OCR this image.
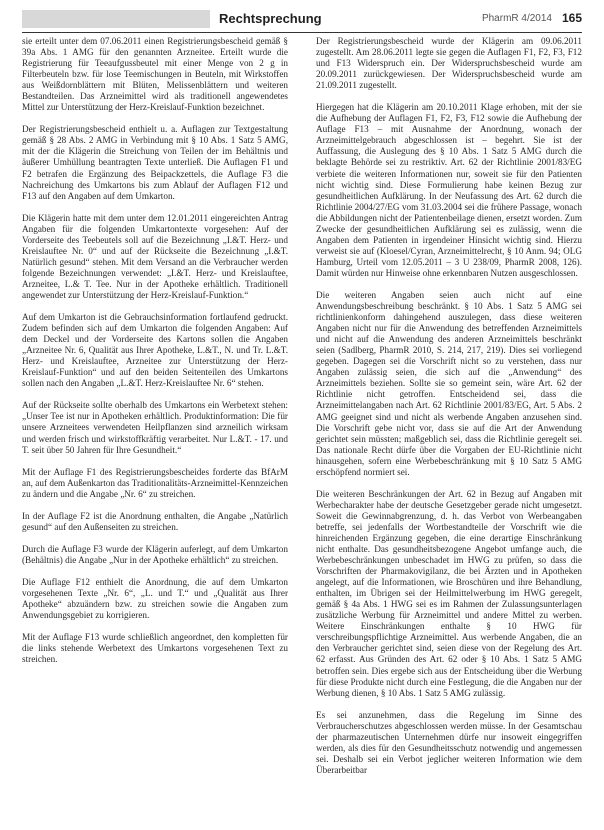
Rechtsprechung	PharmR 4/2014 165

sie erteilt unter dem 07.06.2011 einen Registrierungsbescheid gemäß § 39a Abs. 1 AMG für den genannten Arzneitee. Erteilt wurde die Registrierung für Teeaufgussbeutel mit einer Menge von 2 g in Filterbeuteln bzw. für lose Teemischungen in Beuteln, mit Wirkstoffen aus Weißdornblättern mit Blüten, Melissenblättern und weiteren Bestandteilen. Das Arzneimittel wird als traditionell angewendetes Mittel zur Unterstützung der Herz-Kreislauf-Funktion bezeichnet.

Der Registrierungsbescheid enthielt u. a. Auflagen zur Textgestaltung gemäß § 28 Abs. 2 AMG in Verbindung mit § 10 Abs. 1 Satz 5 AMG, mit der die Klägerin die Streichung von Teilen der im Behältnis und äußerer Umhüllung beantragten Texte unterließ. Die Auflagen F1 und F2 betrafen die Ergänzung des Beipackzettels, die Auflage F3 die Nachreichung des Umkartons bis zum Ablauf der Auflagen F12 und F13 auf den Angaben auf dem Umkarton.

Die Klägerin hatte mit dem unter dem 12.01.2011 eingereichten Antrag Angaben für die folgenden Umkartontexte vorgesehen: Auf der Vorderseite des Teebeutels soll auf die Bezeichnung „I.&T. Herz- und Kreislauftee Nr. 0“ und auf der Rückseite die Bezeichnung „I.&T. Natürlich gesund“ stehen. Mit dem Versand an die Verbraucher werden folgende Bezeichnungen verwendet: „I.&T. Herz- und Kreislauftee, Arzneitee, L.& T. Tee. Nur in der Apotheke erhältlich. Traditionell angewendet zur Unterstützung der Herz-Kreislauf-Funktion.“

Auf dem Umkarton ist die Gebrauchsinformation fortlaufend gedruckt. Zudem befinden sich auf dem Umkarton die folgenden Angaben: Auf dem Deckel und der Vorderseite des Kartons sollen die Angaben „Arzneitee Nr. 6, Qualität aus Ihrer Apotheke, L.&T., N. und Tr. L.&T. Herz- und Kreislauftee, Arzneitee zur Unterstützung der Herz-Kreislauf-Funktion“ und auf den beiden Seitenteilen des Umkartons sollen nach den Angaben „L.&T. Herz-Kreislauftee Nr. 6“ stehen.

Auf der Rückseite sollte oberhalb des Umkartons ein Werbetext stehen: „Unser Tee ist nur in Apotheken erhältlich. Produktinformation: Die für unsere Arzneitees verwendeten Heilpflanzen sind arzneilich wirksam und werden frisch und wirkstoffkräftig verarbeitet. Nur L.&T. - 17. und T. seit über 50 Jahren für Ihre Gesundheit.“

Mit der Auflage F1 des Registrierungsbescheides forderte das BfArM an, auf dem Außenkarton das Traditionalitäts-Arzneimittel-Kennzeichen zu ändern und die Angabe „Nr. 6“ zu streichen.

In der Auflage F2 ist die Anordnung enthalten, die Angabe „Natürlich gesund“ auf den Außenseiten zu streichen.

Durch die Auflage F3 wurde der Klägerin auferlegt, auf dem Umkarton (Behältnis) die Angabe „Nur in der Apotheke erhältlich“ zu streichen.

Die Auflage F12 enthielt die Anordnung, die auf dem Umkarton vorgesehenen Texte „Nr. 6“, „L. und T.“ und „Qualität aus Ihrer Apotheke“ abzuändern bzw. zu streichen sowie die Angaben zum Anwendungsgebiet zu korrigieren.

Mit der Auflage F13 wurde schließlich angeordnet, den kompletten für die links stehende Werbetext des Umkartons vorgesehenen Text zu streichen.

Der Registrierungsbescheid wurde der Klägerin am 09.06.2011 zugestellt. Am 28.06.2011 legte sie gegen die Auflagen F1, F2, F3, F12 und F13 Widerspruch ein. Der Widerspruchsbescheid wurde am 20.09.2011 zurückgewiesen. Der Widerspruchsbescheid wurde am 21.09.2011 zugestellt.

Hiergegen hat die Klägerin am 20.10.2011 Klage erhoben, mit der sie die Aufhebung der Auflagen F1, F2, F3, F12 sowie die Aufhebung der Auflage F13 – mit Ausnahme der Anordnung, wonach der Arzneimittelgebrauch abgeschlossen ist – begehrt. Sie ist der Auffassung, die Auslegung des § 10 Abs. 1 Satz 5 AMG durch die beklagte Behörde sei zu restriktiv. Art. 62 der Richtlinie 2001/83/EG verbiete die weiteren Informationen nur, soweit sie für den Patienten nicht wichtig sind. Diese Formulierung habe keinen Bezug zur gesundheitlichen Aufklärung. In der Neufassung des Art. 62 durch die Richtlinie 2004/27/EG vom 31.03.2004 sei die frühere Passage, wonach die Abbildungen nicht der Patientenbeilage dienen, ersetzt worden. Zum Zwecke der gesundheitlichen Aufklärung sei es zulässig, wenn die Angaben dem Patienten in irgendeiner Hinsicht wichtig sind. Hierzu verweist sie auf (Kloesel/Cyran, Arzneimittelrecht, § 10 Anm. 94; OLG Hamburg, Urteil vom 12.05.2011 – 3 U 238/09, PharmR 2008, 126). Damit würden nur Hinweise ohne erkennbaren Nutzen ausgeschlossen.

Die weiteren Angaben seien auch nicht auf eine Anwendungsbeschreibung beschränkt. § 10 Abs. 1 Satz 5 AMG sei richtlinienkonform dahingehend auszulegen, dass diese weiteren Angaben nicht nur für die Anwendung des betreffenden Arzneimittels und nicht auf die Anwendung des anderen Arzneimittels beschränkt seien (Sadlberg, PharmR 2010, S. 214, 217, 219). Dies sei vorliegend gegeben. Dagegen sei die Vorschrift nicht so zu verstehen, dass nur Angaben zulässig seien, die sich auf die „Anwendung“ des Arzneimittels beziehen. Sollte sie so gemeint sein, wäre Art. 62 der Richtlinie nicht getroffen. Entscheidend sei, dass die Arzneimittelangaben nach Art. 62 Richtlinie 2001/83/EG, Art. 5 Abs. 2 AMG geeignet sind und nicht als werbende Angaben anzusehen sind. Die Vorschrift gebe nicht vor, dass sie auf die Art der Anwendung gerichtet sein müssten; maßgeblich sei, dass die Richtlinie geregelt sei. Das nationale Recht dürfe über die Vorgaben der EU-Richtlinie nicht hinausgehen, sofern eine Werbebeschränkung mit § 10 Satz 5 AMG erschöpfend normiert sei.

Die weiteren Beschränkungen der Art. 62 in Bezug auf Angaben mit Werbecharakter habe der deutsche Gesetzgeber gerade nicht umgesetzt. Soweit die Gewinnabgrenzung, d. h. das Verbot von Werbeangaben betreffe, sei jedenfalls der Wortbestandteile der Vorschrift wie die hinreichenden Ergänzung gegeben, die eine derartige Einschränkung nicht enthalte. Das gesundheitsbezogene Angebot umfange auch, die Werbebeschränkungen unbeschadet im HWG zu prüfen, so dass die Vorschriften der Pharmakovigilanz, die bei Ärzten und in Apotheken angelegt, auf die Informationen, wie Broschüren und ihre Behandlung, enthalten, im Übrigen sei der Heilmittelwerbung im HWG geregelt, gemäß § 4a Abs. 1 HWG sei es im Rahmen der Zulassungsunterlagen zusätzliche Werbung für Arzneimittel und andere Mittel zu werben. Weitere Einschränkungen enthalte § 10 HWG für verschreibungspflichtige Arzneimittel. Aus werbende Angaben, die an den Verbraucher gerichtet sind, seien diese von der Regelung des Art. 62 erfasst. Aus Gründen des Art. 62 oder § 10 Abs. 1 Satz 5 AMG betroffen sein. Dies ergebe sich aus der Entscheidung über die Werbung für diese Produkte nicht durch eine Festlegung, die die Angaben nur der Werbung dienen, § 10 Abs. 1 Satz 5 AMG zulässig.

Es sei anzunehmen, dass die Regelung im Sinne des Verbraucherschutzes abgeschlossen werden müsse. In der Gesamtschau der pharmazeutischen Unternehmen dürfe nur insoweit eingegriffen werden, als dies für den Gesundheitsschutz notwendig und angemessen sei. Deshalb sei ein Verbot jeglicher weiteren Information wie dem Überarbeitbar
